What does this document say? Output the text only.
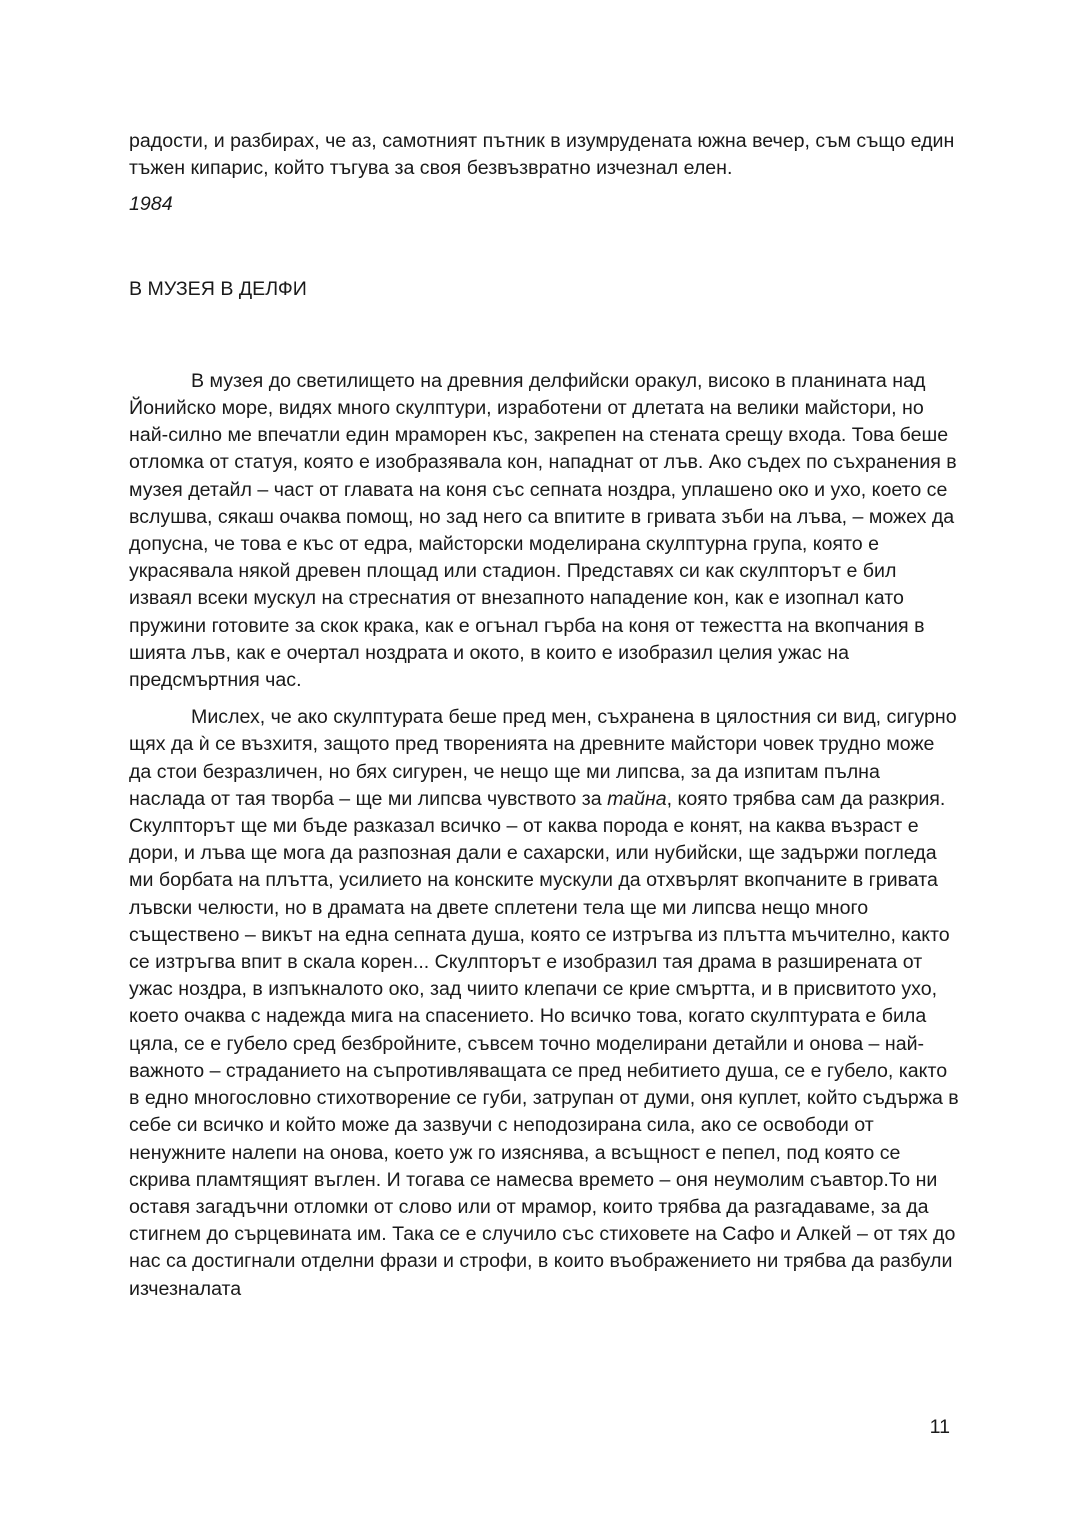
радости, и разбирах, че аз, самотният пътник в изумрудената южна вечер, съм също един тъжен кипарис, който тъгува за своя безвъзвратно изчезнал елен.

1984

В МУЗЕЯ В ДЕЛФИ

В музея до светилището на древния делфийски оракул, високо в планината над Йонийско море, видях много скулптури, изработени от длетата на велики майстори, но най-силно ме впечатли един мраморен къс, закрепен на стената срещу входа. Това беше отломка от статуя, която е изобразявала кон, нападнат от лъв. Ако съдех по съхранения в музея детайл – част от главата на коня със сепната ноздра, уплашено око и ухо, което се вслушва, сякаш очаква помощ, но зад него са впитите в гривата зъби на лъва, – можех да допусна, че това е къс от едра, майсторски моделирана скулптурна група, която е украсявала някой древен площад или стадион. Представях си как скулпторът е бил изваял всеки мускул на стреснатия от внезапното нападение кон, как е изопнал като пружини готовите за скок крака, как е огънал гърба на коня от тежестта на вкопчания в шията лъв, как е очертал ноздрата и окото, в които е изобразил целия ужас на предсмъртния час.

Мислех, че ако скулптурата беше пред мен, съхранена в цялостния си вид, сигурно щях да ѝ се възхитя, защото пред творенията на древните майстори човек трудно може да стои безразличен, но бях сигурен, че нещо ще ми липсва, за да изпитам пълна наслада от тая творба – ще ми липсва чувството за тайна, която трябва сам да разкрия. Скулпторът ще ми бъде разказал всичко – от каква порода е конят, на каква възраст е дори, и лъва ще мога да разпозная дали е сахарски, или нубийски, ще задържи погледа ми борбата на плътта, усилието на конските мускули да отхвърлят вкопчаните в гривата лъвски челюсти, но в драмата на двете сплетени тела ще ми липсва нещо много съществено – викът на една сепната душа, която се изтръгва из плътта мъчително, както се изтръгва впит в скала корен... Скулпторът е изобразил тая драма в разширената от ужас ноздра, в изпъкналото око, зад чиито клепачи се крие смъртта, и в присвитото ухо, което очаква с надежда мига на спасението. Но всичко това, когато скулптурата е била цяла, се е губело сред безбройните, съвсем точно моделирани детайли и онова – най-важното – страданието на съпротивляващата се пред небитието душа, се е губело, както в едно многословно стихотворение се губи, затрупан от думи, оня куплет, който съдържа в себе си всичко и който може да зазвучи с неподозирана сила, ако се освободи от ненужните налепи на онова, което уж го изяснява, а всъщност е пепел, под която се скрива пламтящият въглен. И тогава се намесва времето – оня неумолим съавтор.То ни оставя загадъчни отломки от слово или от мрамор, които трябва да разгадаваме, за да стигнем до сърцевината им. Така се е случило със стиховете на Сафо и Алкей – от тях до нас са достигнали отделни фрази и строфи, в които въображението ни трябва да разбули изчезналата

11
